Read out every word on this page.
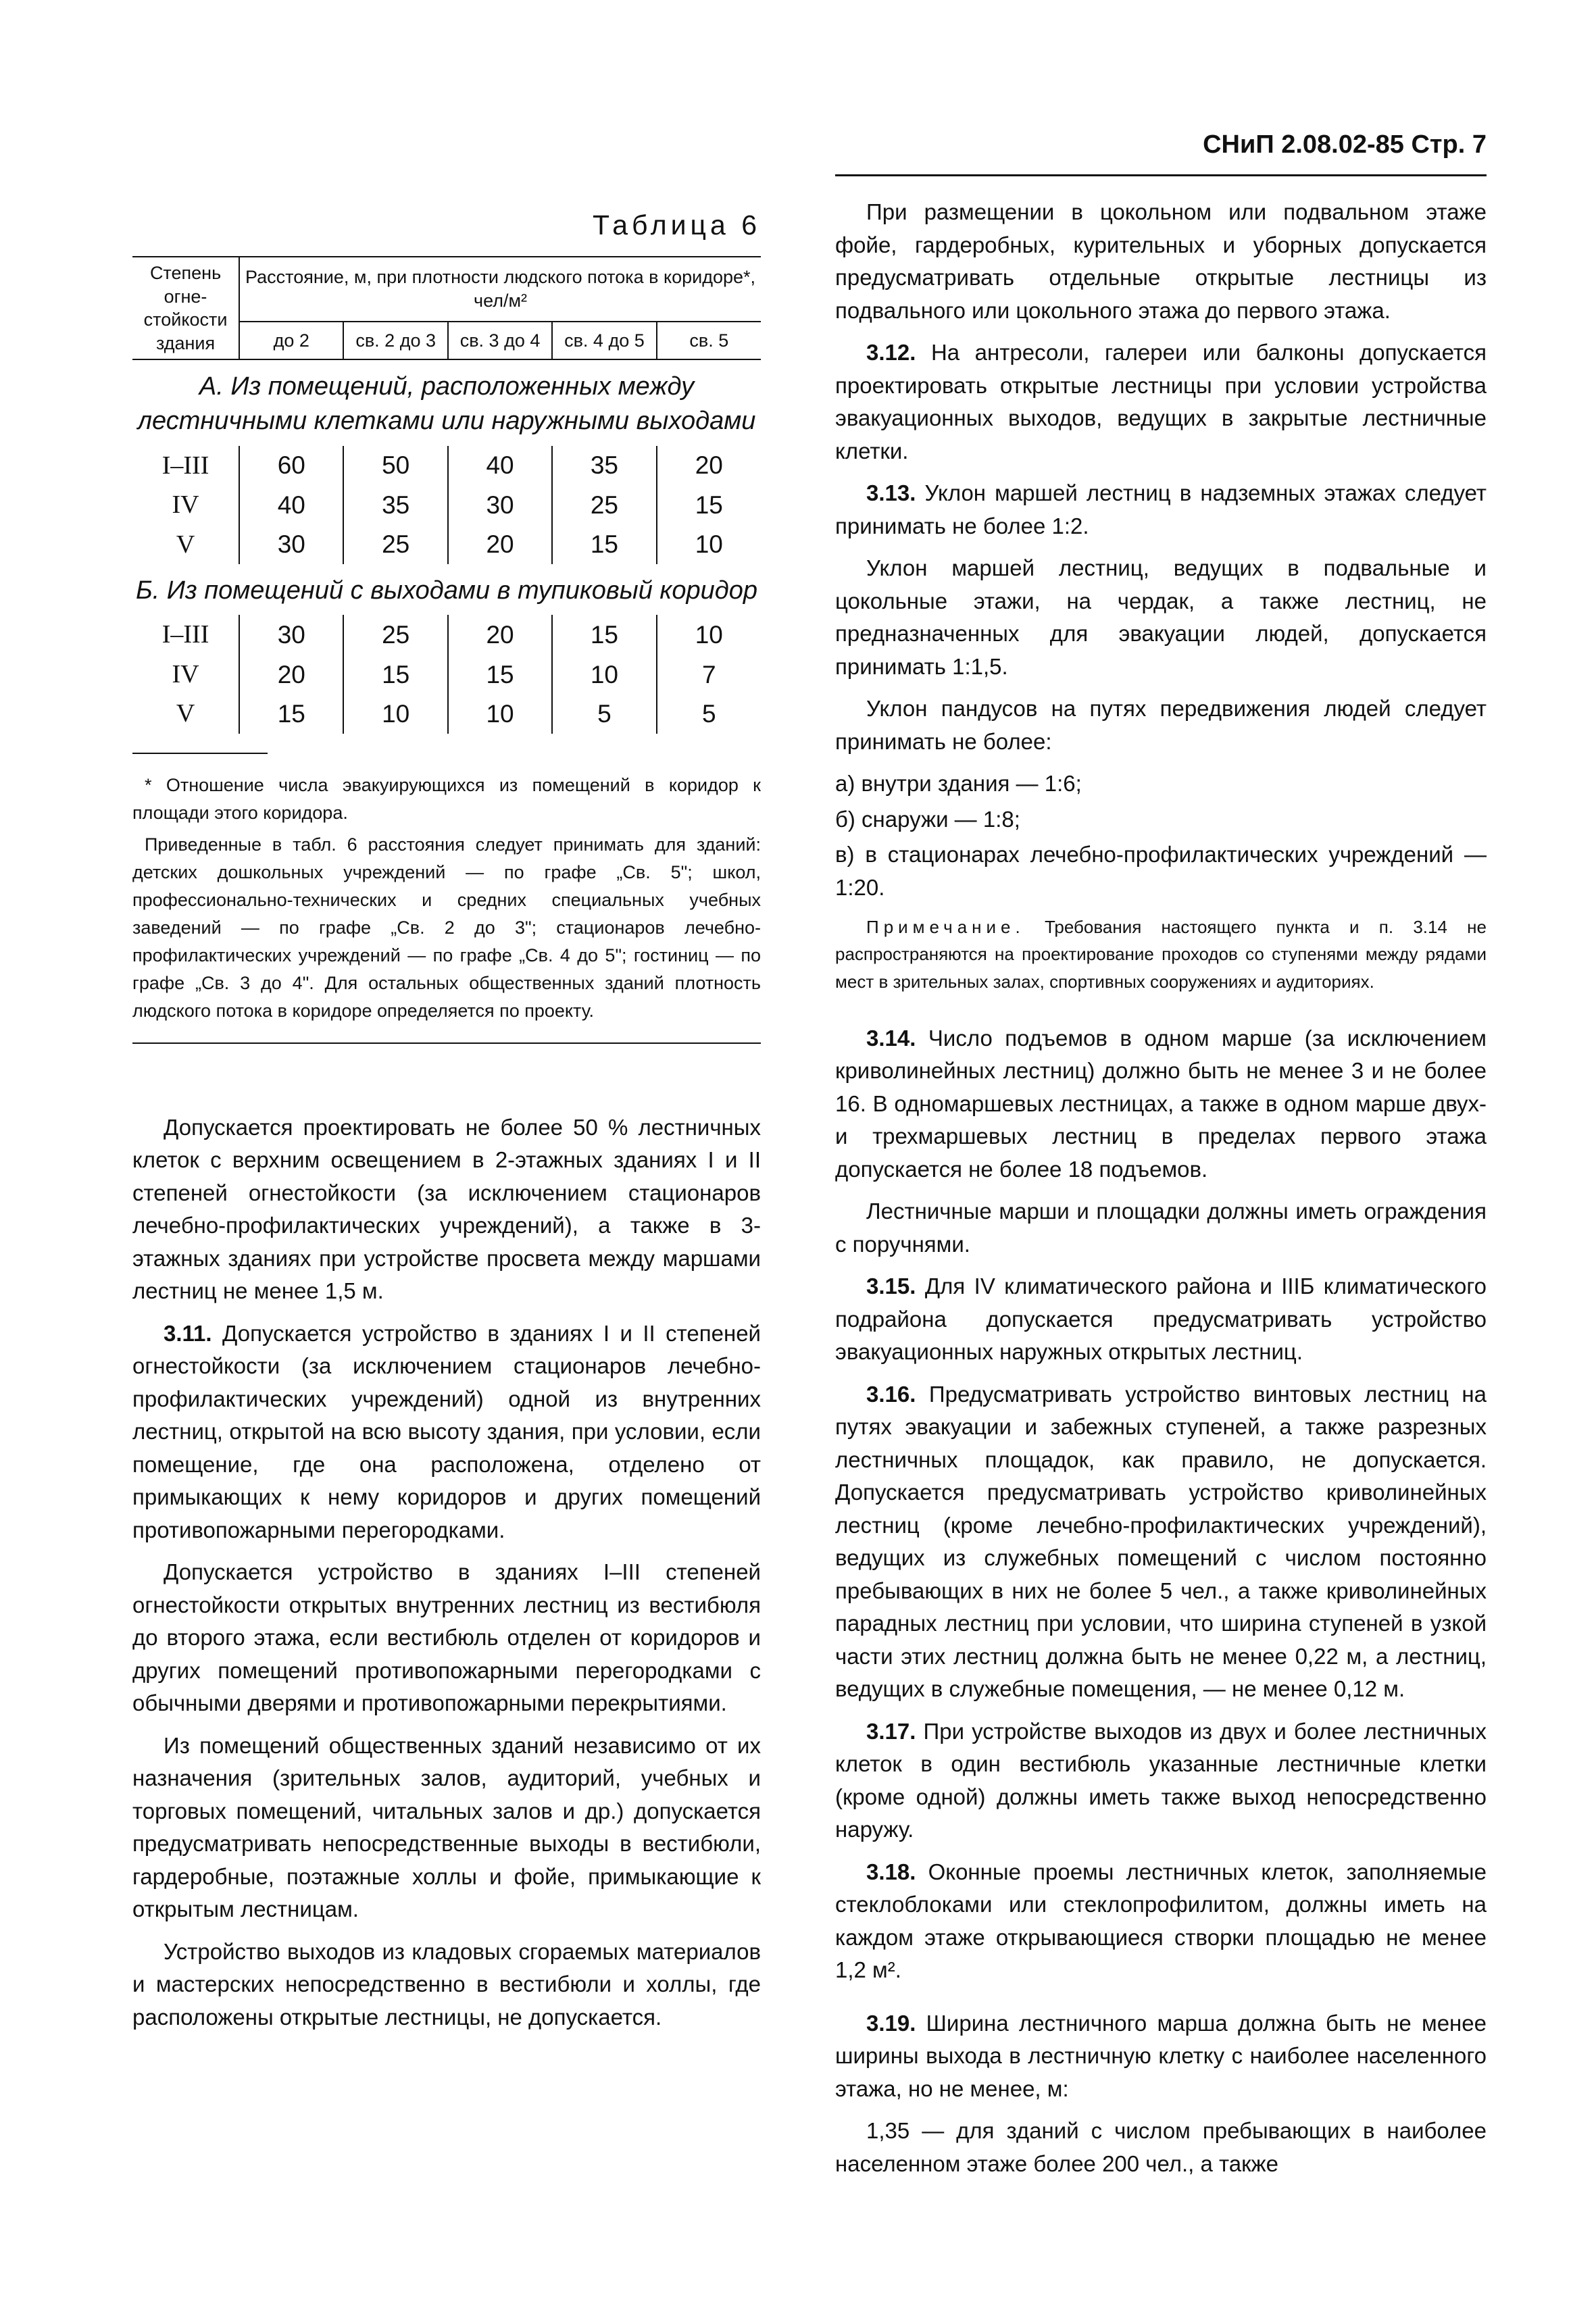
СНиП 2.08.02-85 Стр. 7
Таблица 6
Степень огне-стойкости здания	Расстояние, м, при плотности людского потока в коридоре*, чел/м²				
	до 2	св. 2 до 3	св. 3 до 4	св. 4 до 5	св. 5
А. Из помещений, расположенных между лестничными клетками или наружными выходами					
I–III	60	50	40	35	20
IV	40	35	30	25	15
V	30	25	20	15	10
Б. Из помещений с выходами в тупиковый коридор					
I–III	30	25	20	15	10
IV	20	15	15	10	7
V	15	10	10	5	5

* Отношение числа эвакуирующихся из помещений в коридор к площади этого коридора.

Приведенные в табл. 6 расстояния следует принимать для зданий: детских дошкольных учреждений — по графе „Св. 5"; школ, профессионально-технических и средних специальных учебных заведений — по графе „Св. 2 до 3"; стационаров лечебно-профилактических учреждений — по графе „Св. 4 до 5"; гостиниц — по графе „Св. 3 до 4". Для остальных общественных зданий плотность людского потока в коридоре определяется по проекту.

Допускается проектировать не более 50 % лестничных клеток с верхним освещением в 2-этажных зданиях I и II степеней огнестойкости (за исключением стационаров лечебно-профилактических учреждений), а также в 3-этажных зданиях при устройстве просвета между маршами лестниц не менее 1,5 м.

3.11. Допускается устройство в зданиях I и II степеней огнестойкости (за исключением стационаров лечебно-профилактических учреждений) одной из внутренних лестниц, открытой на всю высоту здания, при условии, если помещение, где она расположена, отделено от примыкающих к нему коридоров и других помещений противопожарными перегородками.

Допускается устройство в зданиях I–III степеней огнестойкости открытых внутренних лестниц из вестибюля до второго этажа, если вестибюль отделен от коридоров и других помещений противопожарными перегородками с обычными дверями и противопожарными перекрытиями.

Из помещений общественных зданий независимо от их назначения (зрительных залов, аудиторий, учебных и торговых помещений, читальных залов и др.) допускается предусматривать непосредственные выходы в вестибюли, гардеробные, поэтажные холлы и фойе, примыкающие к открытым лестницам.

Устройство выходов из кладовых сгораемых материалов и мастерских непосредственно в вестибюли и холлы, где расположены открытые лестницы, не допускается.

При размещении в цокольном или подвальном этаже фойе, гардеробных, курительных и уборных допускается предусматривать отдельные открытые лестницы из подвального или цокольного этажа до первого этажа.

3.12. На антресоли, галереи или балконы допускается проектировать открытые лестницы при условии устройства эвакуационных выходов, ведущих в закрытые лестничные клетки.

3.13. Уклон маршей лестниц в надземных этажах следует принимать не более 1:2.

Уклон маршей лестниц, ведущих в подвальные и цокольные этажи, на чердак, а также лестниц, не предназначенных для эвакуации людей, допускается принимать 1:1,5.

Уклон пандусов на путях передвижения людей следует принимать не более:

а) внутри здания — 1:6;

б) снаружи — 1:8;

в) в стационарах лечебно-профилактических учреждений — 1:20.

Примечание. Требования настоящего пункта и п. 3.14 не распространяются на проектирование проходов со ступенями между рядами мест в зрительных залах, спортивных сооружениях и аудиториях.

3.14. Число подъемов в одном марше (за исключением криволинейных лестниц) должно быть не менее 3 и не более 16. В одномаршевых лестницах, а также в одном марше двух- и трехмаршевых лестниц в пределах первого этажа допускается не более 18 подъемов.

Лестничные марши и площадки должны иметь ограждения с поручнями.

3.15. Для IV климатического района и IIIБ климатического подрайона допускается предусматривать устройство эвакуационных наружных открытых лестниц.

3.16. Предусматривать устройство винтовых лестниц на путях эвакуации и забежных ступеней, а также разрезных лестничных площадок, как правило, не допускается. Допускается предусматривать устройство криволинейных лестниц (кроме лечебно-профилактических учреждений), ведущих из служебных помещений с числом постоянно пребывающих в них не более 5 чел., а также криволинейных парадных лестниц при условии, что ширина ступеней в узкой части этих лестниц должна быть не менее 0,22 м, а лестниц, ведущих в служебные помещения, — не менее 0,12 м.

3.17. При устройстве выходов из двух и более лестничных клеток в один вестибюль указанные лестничные клетки (кроме одной) должны иметь также выход непосредственно наружу.

3.18. Оконные проемы лестничных клеток, заполняемые стеклоблоками или стеклопрофилитом, должны иметь на каждом этаже открывающиеся створки площадью не менее 1,2 м².

3.19. Ширина лестничного марша должна быть не менее ширины выхода в лестничную клетку с наиболее населенного этажа, но не менее, м:

1,35 — для зданий с числом пребывающих в наиболее населенном этаже более 200 чел., а также
